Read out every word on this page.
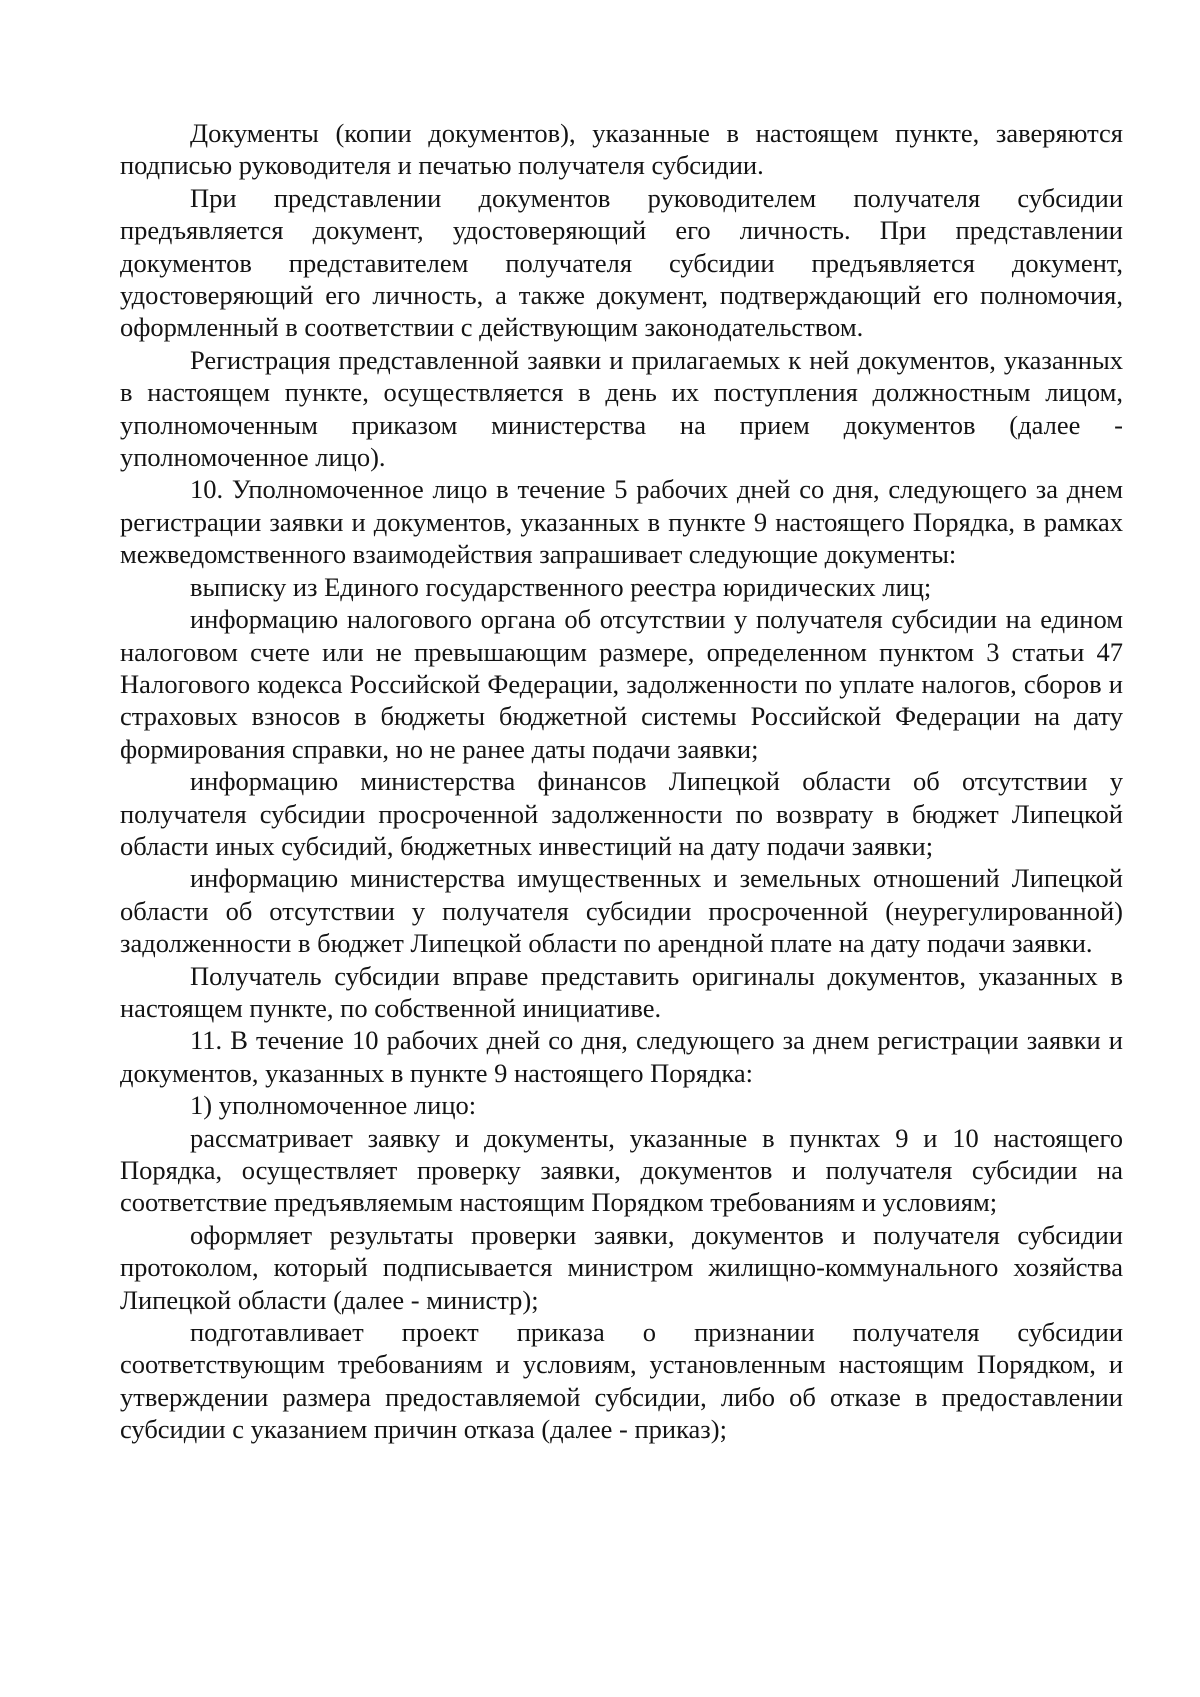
Документы (копии документов), указанные в настоящем пункте, заверяются подписью руководителя и печатью получателя субсидии.

При представлении документов руководителем получателя субсидии предъявляется документ, удостоверяющий его личность. При представлении документов представителем получателя субсидии предъявляется документ, удостоверяющий его личность, а также документ, подтверждающий его полномочия, оформленный в соответствии с действующим законодательством.

Регистрация представленной заявки и прилагаемых к ней документов, указанных в настоящем пункте, осуществляется в день их поступления должностным лицом, уполномоченным приказом министерства на прием документов (далее - уполномоченное лицо).

10. Уполномоченное лицо в течение 5 рабочих дней со дня, следующего за днем регистрации заявки и документов, указанных в пункте 9 настоящего Порядка, в рамках межведомственного взаимодействия запрашивает следующие документы:

выписку из Единого государственного реестра юридических лиц;

информацию налогового органа об отсутствии у получателя субсидии на едином налоговом счете или не превышающим размере, определенном пунктом 3 статьи 47 Налогового кодекса Российской Федерации, задолженности по уплате налогов, сборов и страховых взносов в бюджеты бюджетной системы Российской Федерации на дату формирования справки, но не ранее даты подачи заявки;

информацию министерства финансов Липецкой области об отсутствии у получателя субсидии просроченной задолженности по возврату в бюджет Липецкой области иных субсидий, бюджетных инвестиций на дату подачи заявки;

информацию министерства имущественных и земельных отношений Липецкой области об отсутствии у получателя субсидии просроченной (неурегулированной) задолженности в бюджет Липецкой области по арендной плате на дату подачи заявки.

Получатель субсидии вправе представить оригиналы документов, указанных в настоящем пункте, по собственной инициативе.

11. В течение 10 рабочих дней со дня, следующего за днем регистрации заявки и документов, указанных в пункте 9 настоящего Порядка:

1) уполномоченное лицо:

рассматривает заявку и документы, указанные в пунктах 9 и 10 настоящего Порядка, осуществляет проверку заявки, документов и получателя субсидии на соответствие предъявляемым настоящим Порядком требованиям и условиям;

оформляет результаты проверки заявки, документов и получателя субсидии протоколом, который подписывается министром жилищно-коммунального хозяйства Липецкой области (далее - министр);

подготавливает проект приказа о признании получателя субсидии соответствующим требованиям и условиям, установленным настоящим Порядком, и утверждении размера предоставляемой субсидии, либо об отказе в предоставлении субсидии с указанием причин отказа (далее - приказ);
